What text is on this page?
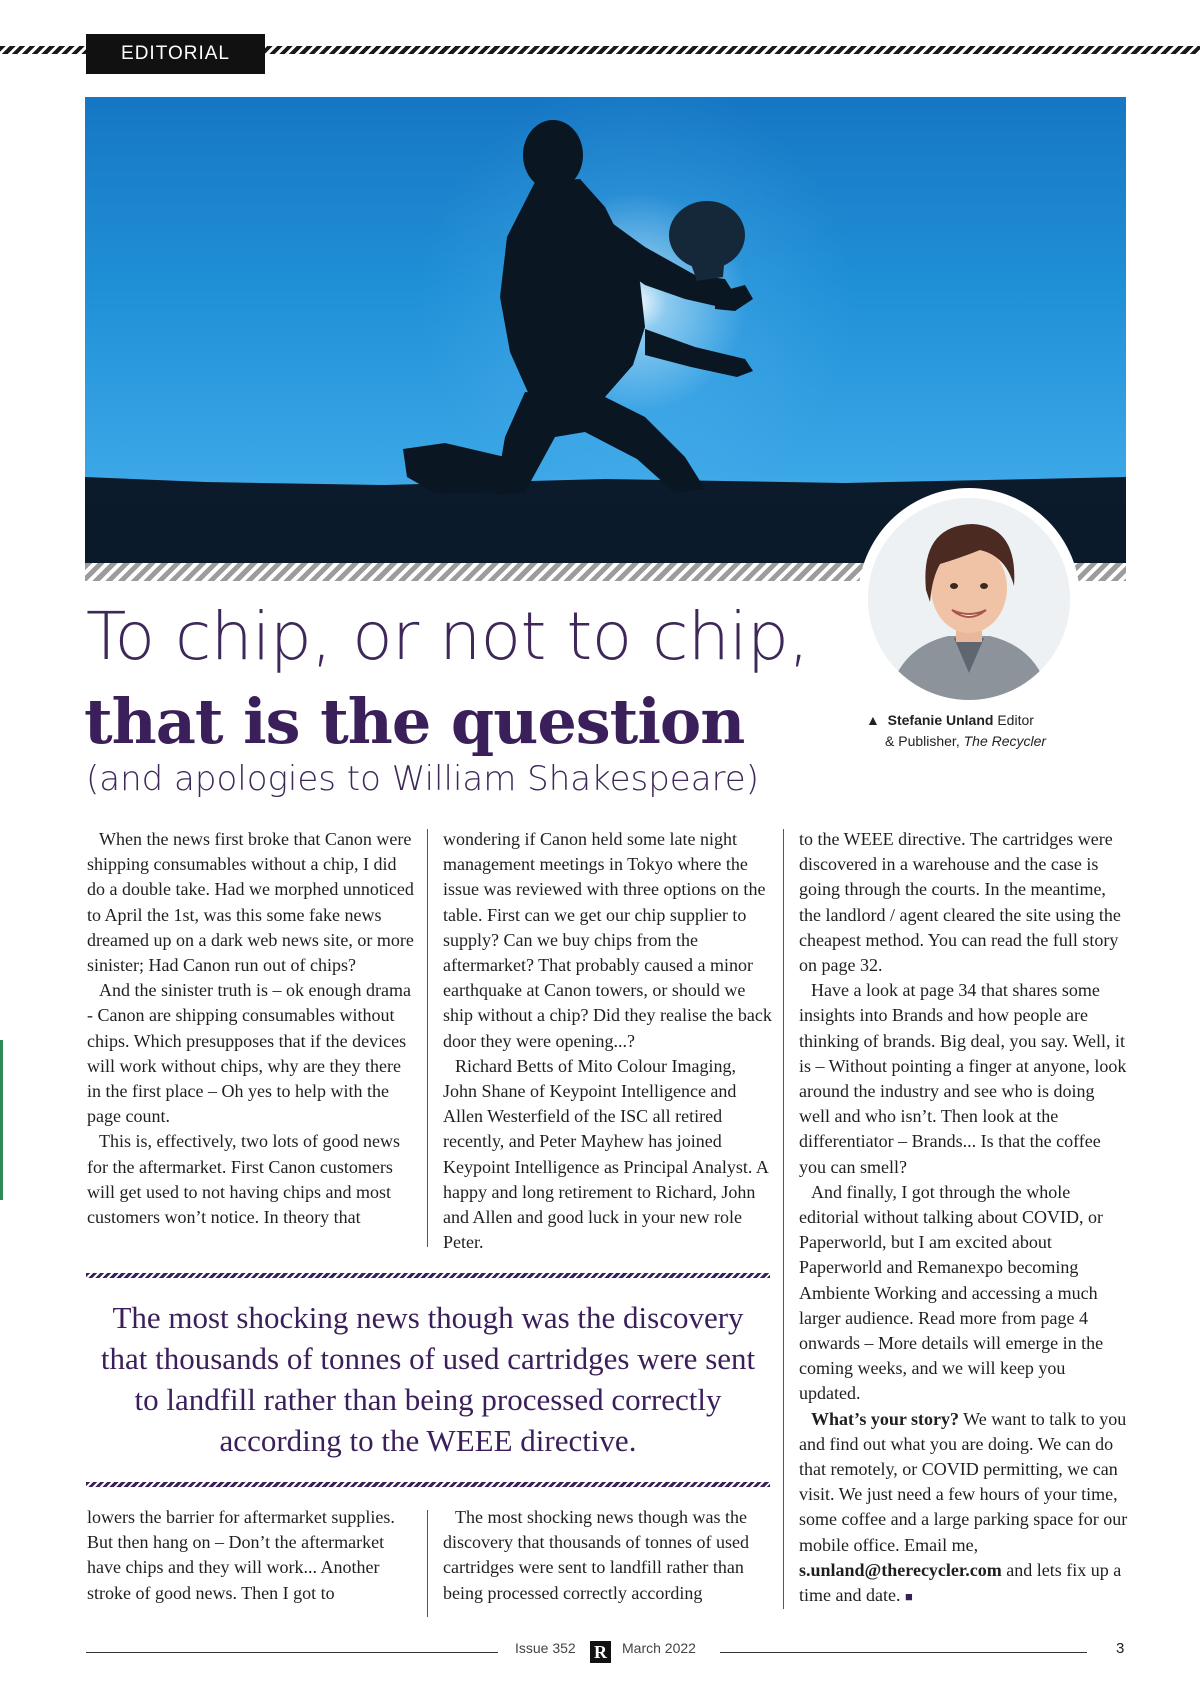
EDITORIAL
▲ Stefanie Unland Editor
& Publisher, The Recycler
To chip, or not to chip,
that is the question
(and apologies to William Shakespeare)

When the news first broke that Canon were shipping consumables without a chip, I did do a double take. Had we morphed unnoticed to April the 1st, was this some fake news dreamed up on a dark web news site, or more sinister; Had Canon run out of chips?

And the sinister truth is – ok enough drama - Canon are shipping consumables without chips. Which presupposes that if the devices will work without chips, why are they there in the first place – Oh yes to help with the page count.

This is, effectively, two lots of good news for the aftermarket. First Canon customers will get used to not having chips and most customers won’t notice. In theory that

wondering if Canon held some late night management meetings in Tokyo where the issue was reviewed with three options on the table. First can we get our chip supplier to supply? Can we buy chips from the aftermarket? That probably caused a minor earthquake at Canon towers, or should we ship without a chip? Did they realise the back door they were opening...?

Richard Betts of Mito Colour Imaging, John Shane of Keypoint Intelligence and Allen Westerfield of the ISC all retired recently, and Peter Mayhew has joined Keypoint Intelligence as Principal Analyst. A happy and long retirement to Richard, John and Allen and good luck in your new role Peter.

The most shocking news though was the discovery that thousands of tonnes of used cartridges were sent to landfill rather than being processed correctly according to the WEEE directive.

lowers the barrier for aftermarket supplies. But then hang on – Don’t the aftermarket have chips and they will work... Another stroke of good news. Then I got to

The most shocking news though was the discovery that thousands of tonnes of used cartridges were sent to landfill rather than being processed correctly according

to the WEEE directive. The cartridges were discovered in a warehouse and the case is going through the courts. In the meantime, the landlord / agent cleared the site using the cheapest method. You can read the full story on page 32.

Have a look at page 34 that shares some insights into Brands and how people are thinking of brands. Big deal, you say. Well, it is – Without pointing a finger at anyone, look around the industry and see who is doing well and who isn’t. Then look at the differentiator – Brands... Is that the coffee you can smell?

And finally, I got through the whole editorial without talking about COVID, or Paperworld, but I am excited about Paperworld and Remanexpo becoming Ambiente Working and accessing a much larger audience. Read more from page 4 onwards – More details will emerge in the coming weeks, and we will keep you updated.

What’s your story? We want to talk to you and find out what you are doing. We can do that remotely, or COVID permitting, we can visit. We just need a few hours of your time, some coffee and a large parking space for our mobile office. Email me, s.unland@therecycler.com and lets fix up a time and date. ■

Issue 352 R March 2022	3
